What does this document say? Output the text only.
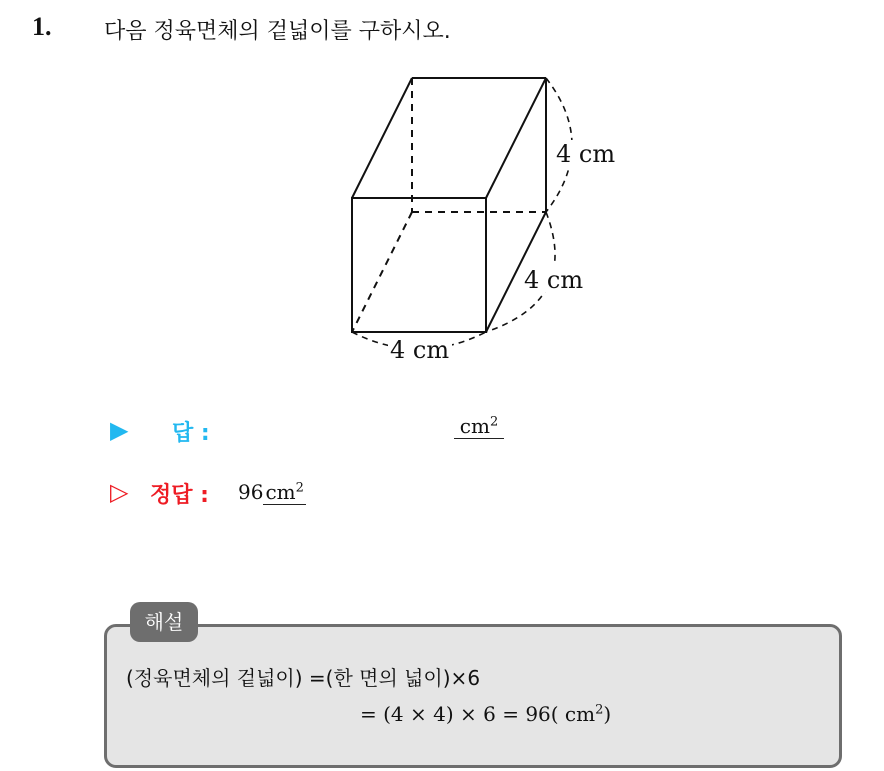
1. 다음 정육면체의 겉넓이를 구하시오.
4 cm
4 cm
4 cm
▶ 답 :	$cm^2$
▷ 정답 : 96 $cm^2$
해설
(정육면체의 겉넓이) =(한 면의 넓이)×6
= (4 × 4) × 6 = 96( $cm^2$)
